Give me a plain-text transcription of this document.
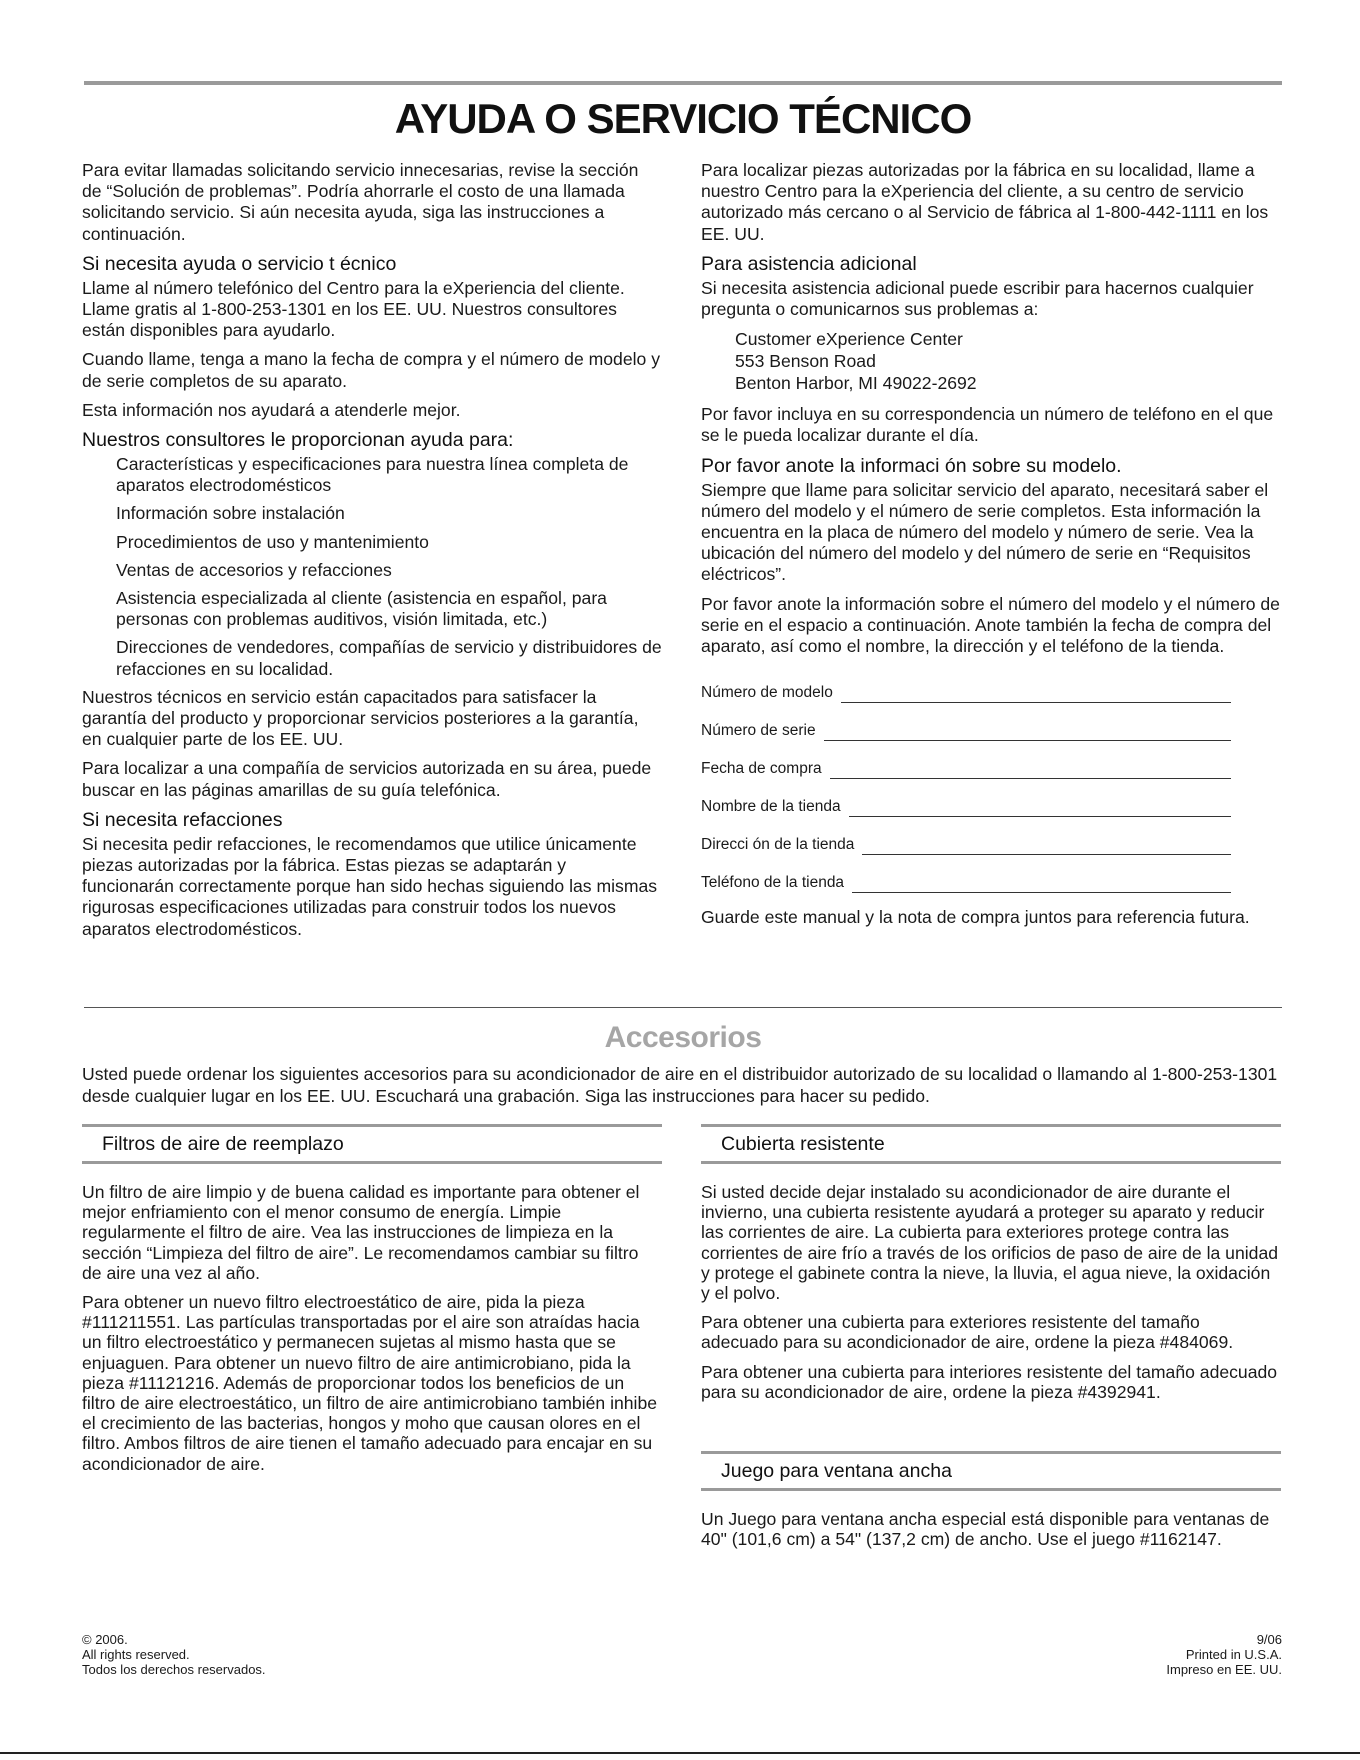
AYUDA O SERVICIO TÉCNICO

Para evitar llamadas solicitando servicio innecesarias, revise la sección de “Solución de problemas”. Podría ahorrarle el costo de una llamada solicitando servicio. Si aún necesita ayuda, siga las instrucciones a continuación.

Si necesita ayuda o servicio t écnico

Llame al número telefónico del Centro para la eXperiencia del cliente. Llame gratis al 1-800-253-1301 en los EE. UU. Nuestros consultores están disponibles para ayudarlo.

Cuando llame, tenga a mano la fecha de compra y el número de modelo y de serie completos de su aparato.

Esta información nos ayudará a atenderle mejor.

Nuestros consultores le proporcionan ayuda para:
Características y especificaciones para nuestra línea completa de aparatos electrodomésticos
Información sobre instalación
Procedimientos de uso y mantenimiento
Ventas de accesorios y refacciones
Asistencia especializada al cliente (asistencia en español, para personas con problemas auditivos, visión limitada, etc.)
Direcciones de vendedores, compañías de servicio y distribuidores de refacciones en su localidad.

Nuestros técnicos en servicio están capacitados para satisfacer la garantía del producto y proporcionar servicios posteriores a la garantía, en cualquier parte de los EE. UU.

Para localizar a una compañía de servicios autorizada en su área, puede buscar en las páginas amarillas de su guía telefónica.

Si necesita refacciones

Si necesita pedir refacciones, le recomendamos que utilice únicamente piezas autorizadas por la fábrica. Estas piezas se adaptarán y funcionarán correctamente porque han sido hechas siguiendo las mismas rigurosas especificaciones utilizadas para construir todos los nuevos aparatos electrodomésticos.

Para localizar piezas autorizadas por la fábrica en su localidad, llame a nuestro Centro para la eXperiencia del cliente, a su centro de servicio autorizado más cercano o al Servicio de fábrica al 1-800-442-1111 en los EE. UU.

Para asistencia adicional

Si necesita asistencia adicional puede escribir para hacernos cualquier pregunta o comunicarnos sus problemas a:

Customer eXperience Center
553 Benson Road
Benton Harbor, MI 49022-2692

Por favor incluya en su correspondencia un número de teléfono en el que se le pueda localizar durante el día.

Por favor anote la informaci ón sobre su modelo.

Siempre que llame para solicitar servicio del aparato, necesitará saber el número del modelo y el número de serie completos. Esta información la encuentra en la placa de número del modelo y número de serie. Vea la ubicación del número del modelo y del número de serie en “Requisitos eléctricos”.

Por favor anote la información sobre el número del modelo y el número de serie en el espacio a continuación. Anote también la fecha de compra del aparato, así como el nombre, la dirección y el teléfono de la tienda.

Número de modelo
Número de serie
Fecha de compra
Nombre de la tienda
Direcci ón de la tienda
Teléfono de la tienda

Guarde este manual y la nota de compra juntos para referencia futura.

Accesorios
Usted puede ordenar los siguientes accesorios para su acondicionador de aire en el distribuidor autorizado de su localidad o llamando al 1-800-253-1301 desde cualquier lugar en los EE. UU. Escuchará una grabación. Siga las instrucciones para hacer su pedido.
Filtros de aire de reemplazo

Un filtro de aire limpio y de buena calidad es importante para obtener el mejor enfriamiento con el menor consumo de energía. Limpie regularmente el filtro de aire. Vea las instrucciones de limpieza en la sección “Limpieza del filtro de aire”. Le recomendamos cambiar su filtro de aire una vez al año.

Para obtener un nuevo filtro electroestático de aire, pida la pieza #111211551. Las partículas transportadas por el aire son atraídas hacia un filtro electroestático y permanecen sujetas al mismo hasta que se enjuaguen. Para obtener un nuevo filtro de aire antimicrobiano, pida la pieza #11121216. Además de proporcionar todos los beneficios de un filtro de aire electroestático, un filtro de aire antimicrobiano también inhibe el crecimiento de las bacterias, hongos y moho que causan olores en el filtro. Ambos filtros de aire tienen el tamaño adecuado para encajar en su acondicionador de aire.

Cubierta resistente

Si usted decide dejar instalado su acondicionador de aire durante el invierno, una cubierta resistente ayudará a proteger su aparato y reducir las corrientes de aire. La cubierta para exteriores protege contra las corrientes de aire frío a través de los orificios de paso de aire de la unidad y protege el gabinete contra la nieve, la lluvia, el agua nieve, la oxidación y el polvo.

Para obtener una cubierta para exteriores resistente del tamaño adecuado para su acondicionador de aire, ordene la pieza #484069.

Para obtener una cubierta para interiores resistente del tamaño adecuado para su acondicionador de aire, ordene la pieza #4392941.

Juego para ventana ancha

Un Juego para ventana ancha especial está disponible para ventanas de 40" (101,6 cm) a 54" (137,2 cm) de ancho. Use el juego #1162147.

© 2006.
All rights reserved.
Todos los derechos reservados.
9/06
Printed in U.S.A.
Impreso en EE. UU.
